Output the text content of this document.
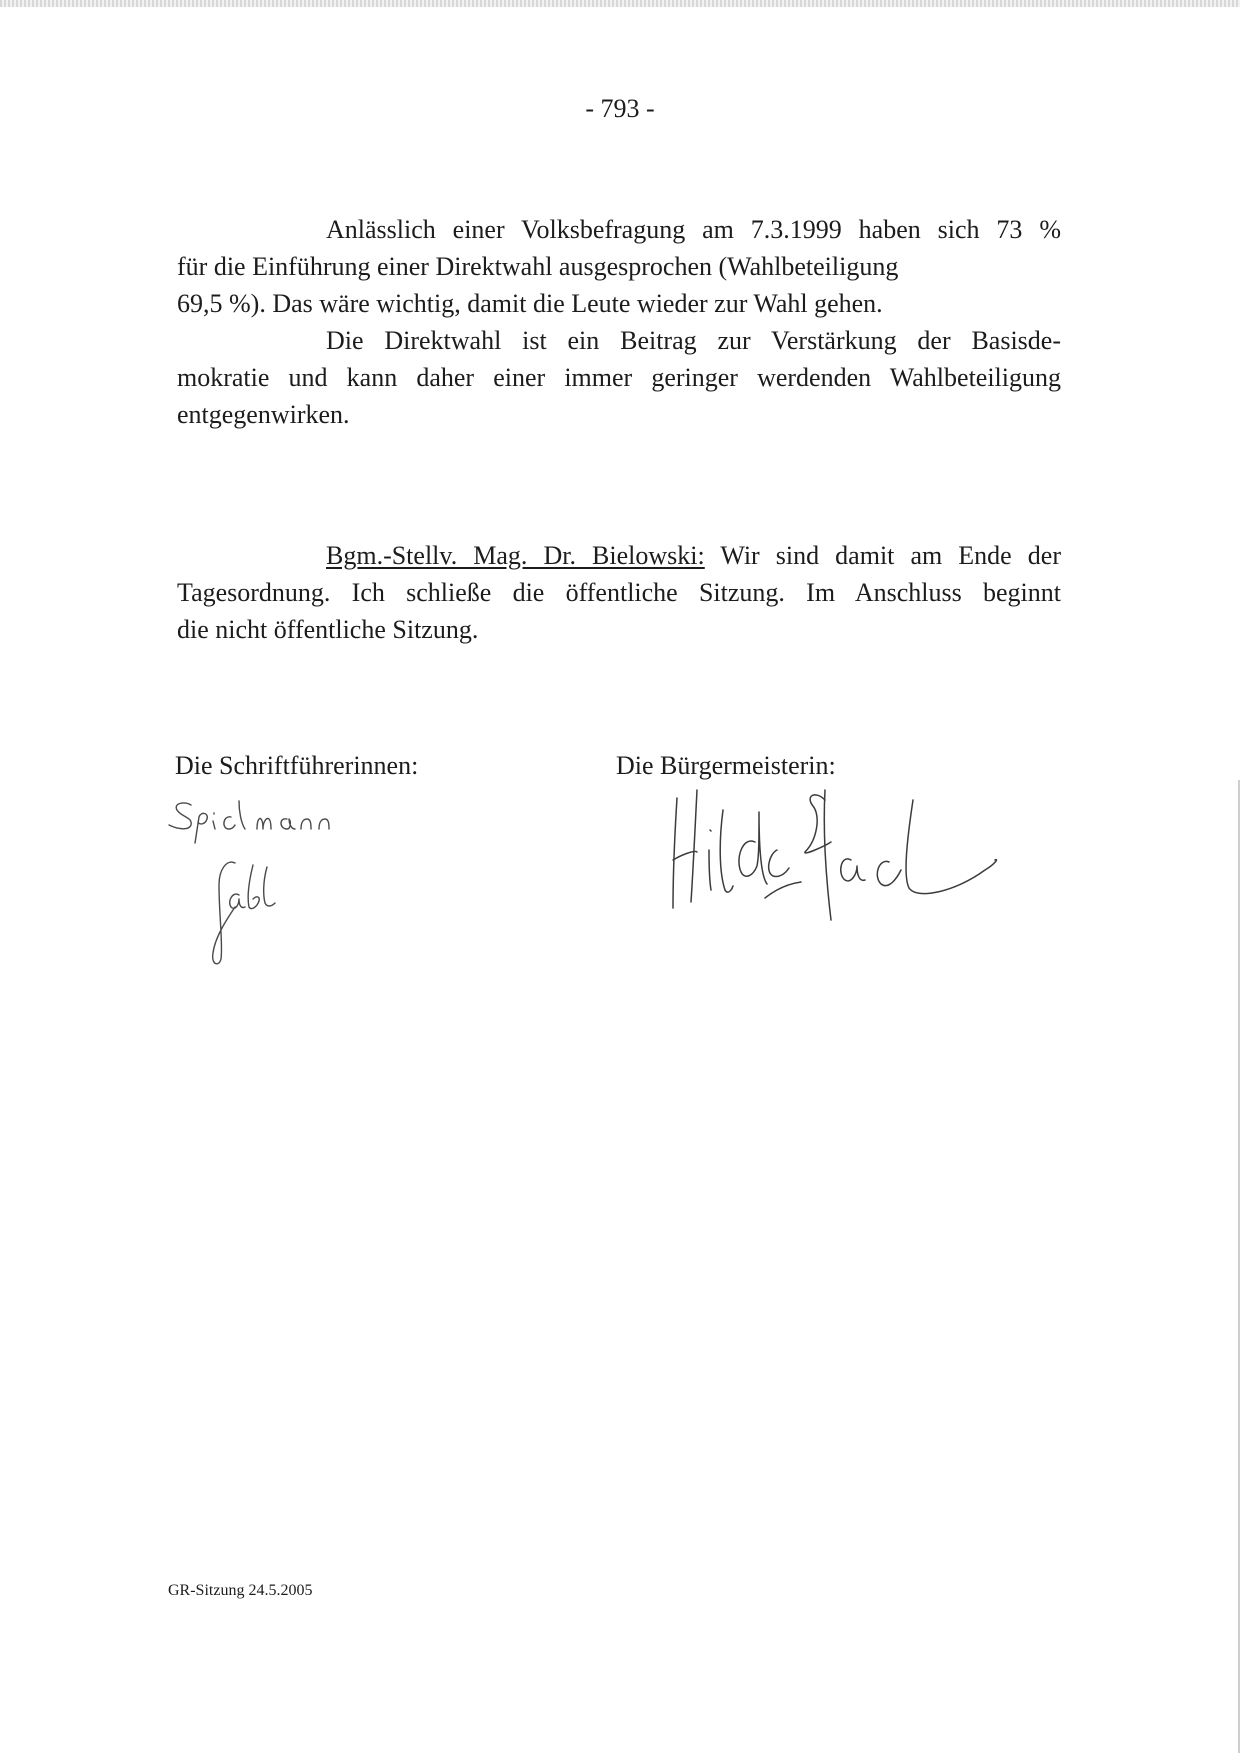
- 793 -
Anlässlich einer Volksbefragung am 7.3.1999 haben sich 73 %
für die Einführung einer Direktwahl ausgesprochen (Wahlbeteiligung
69,5 %). Das wäre wichtig, damit die Leute wieder zur Wahl gehen.
Die Direktwahl ist ein Beitrag zur Verstärkung der Basisde-
mokratie und kann daher einer immer geringer werdenden Wahlbeteiligung
entgegenwirken.
Bgm.-Stellv. Mag. Dr. Bielowski: Wir sind damit am Ende der
Tagesordnung. Ich schließe die öffentliche Sitzung. Im Anschluss beginnt
die nicht öffentliche Sitzung.
Die Schriftführerinnen:	Die Bürgermeisterin:
GR-Sitzung 24.5.2005
